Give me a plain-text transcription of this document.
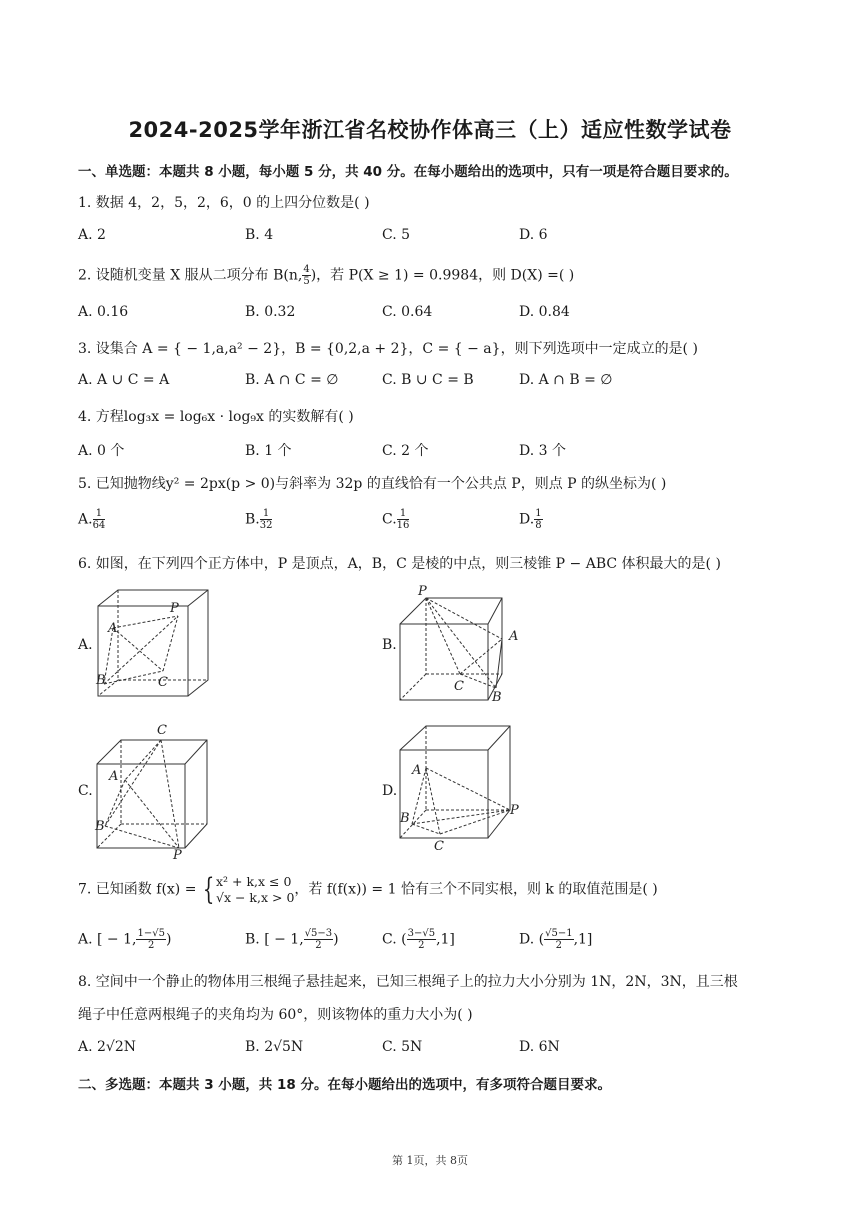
2024-2025学年浙江省名校协作体高三（上）适应性数学试卷
一、单选题：本题共 8 小题，每小题 5 分，共 40 分。在每小题给出的选项中，只有一项是符合题目要求的。
1. 数据 4，2，5，2，6，0 的上四分位数是( )
A. 2	B. 4	C. 5	D. 6
2. 设随机变量 X 服从二项分布 B(n, $\frac{4}{5}$ )，若 P(X ≥ 1) = 0.9984，则 D(X) =( )
A. 0.16	B. 0.32	C. 0.64	D. 0.84
3. 设集合 A = { − 1,a,a² − 2}，B = {0,2,a + 2}，C = { − a}，则下列选项中一定成立的是( )
A. A ∪ C = A	B. A ∩ C = ∅	C. B ∪ C = B	D. A ∩ B = ∅
4. 方程log₃x = log₆x · log₉x 的实数解有( )
A. 0 个	B. 1 个	C. 2 个	D. 3 个
5. 已知抛物线y² = 2px(p > 0)与斜率为 32p 的直线恰有一个公共点 P，则点 P 的纵坐标为( )
A. $\frac{1}{64}$	B. $\frac{1}{32}$	C. $\frac{1}{16}$	D. $\frac{1}{8}$
6. 如图，在下列四个正方体中，P 是顶点，A，B，C 是棱的中点，则三棱锥 P − ABC 体积最大的是( )
A.
A
P
B	C
B.
P
A
C
B
C.
C
A
B
P
D.
A
B
P
C
7. 已知函数 f(x) = { x² + k,x ≤ 0
√x − k,x > 0 ，若 f(f(x)) = 1 恰有三个不同实根，则 k 的取值范围是( )
A. [ − 1, $\frac{1-√5}{2}$ )	B. [ − 1, $\frac{√5-3}{2}$ )	C. ( $\frac{3-√5}{2} ,1$]	D. ( $\frac{√5-1}{2} ,1$]
8. 空间中一个静止的物体用三根绳子悬挂起来，已知三根绳子上的拉力大小分别为 1N，2N，3N，且三根
绳子中任意两根绳子的夹角均为 60°，则该物体的重力大小为( )
A. 2√2N	B. 2√5N	C. 5N	D. 6N
二、多选题：本题共 3 小题，共 18 分。在每小题给出的选项中，有多项符合题目要求。
第 1页，共 8页
